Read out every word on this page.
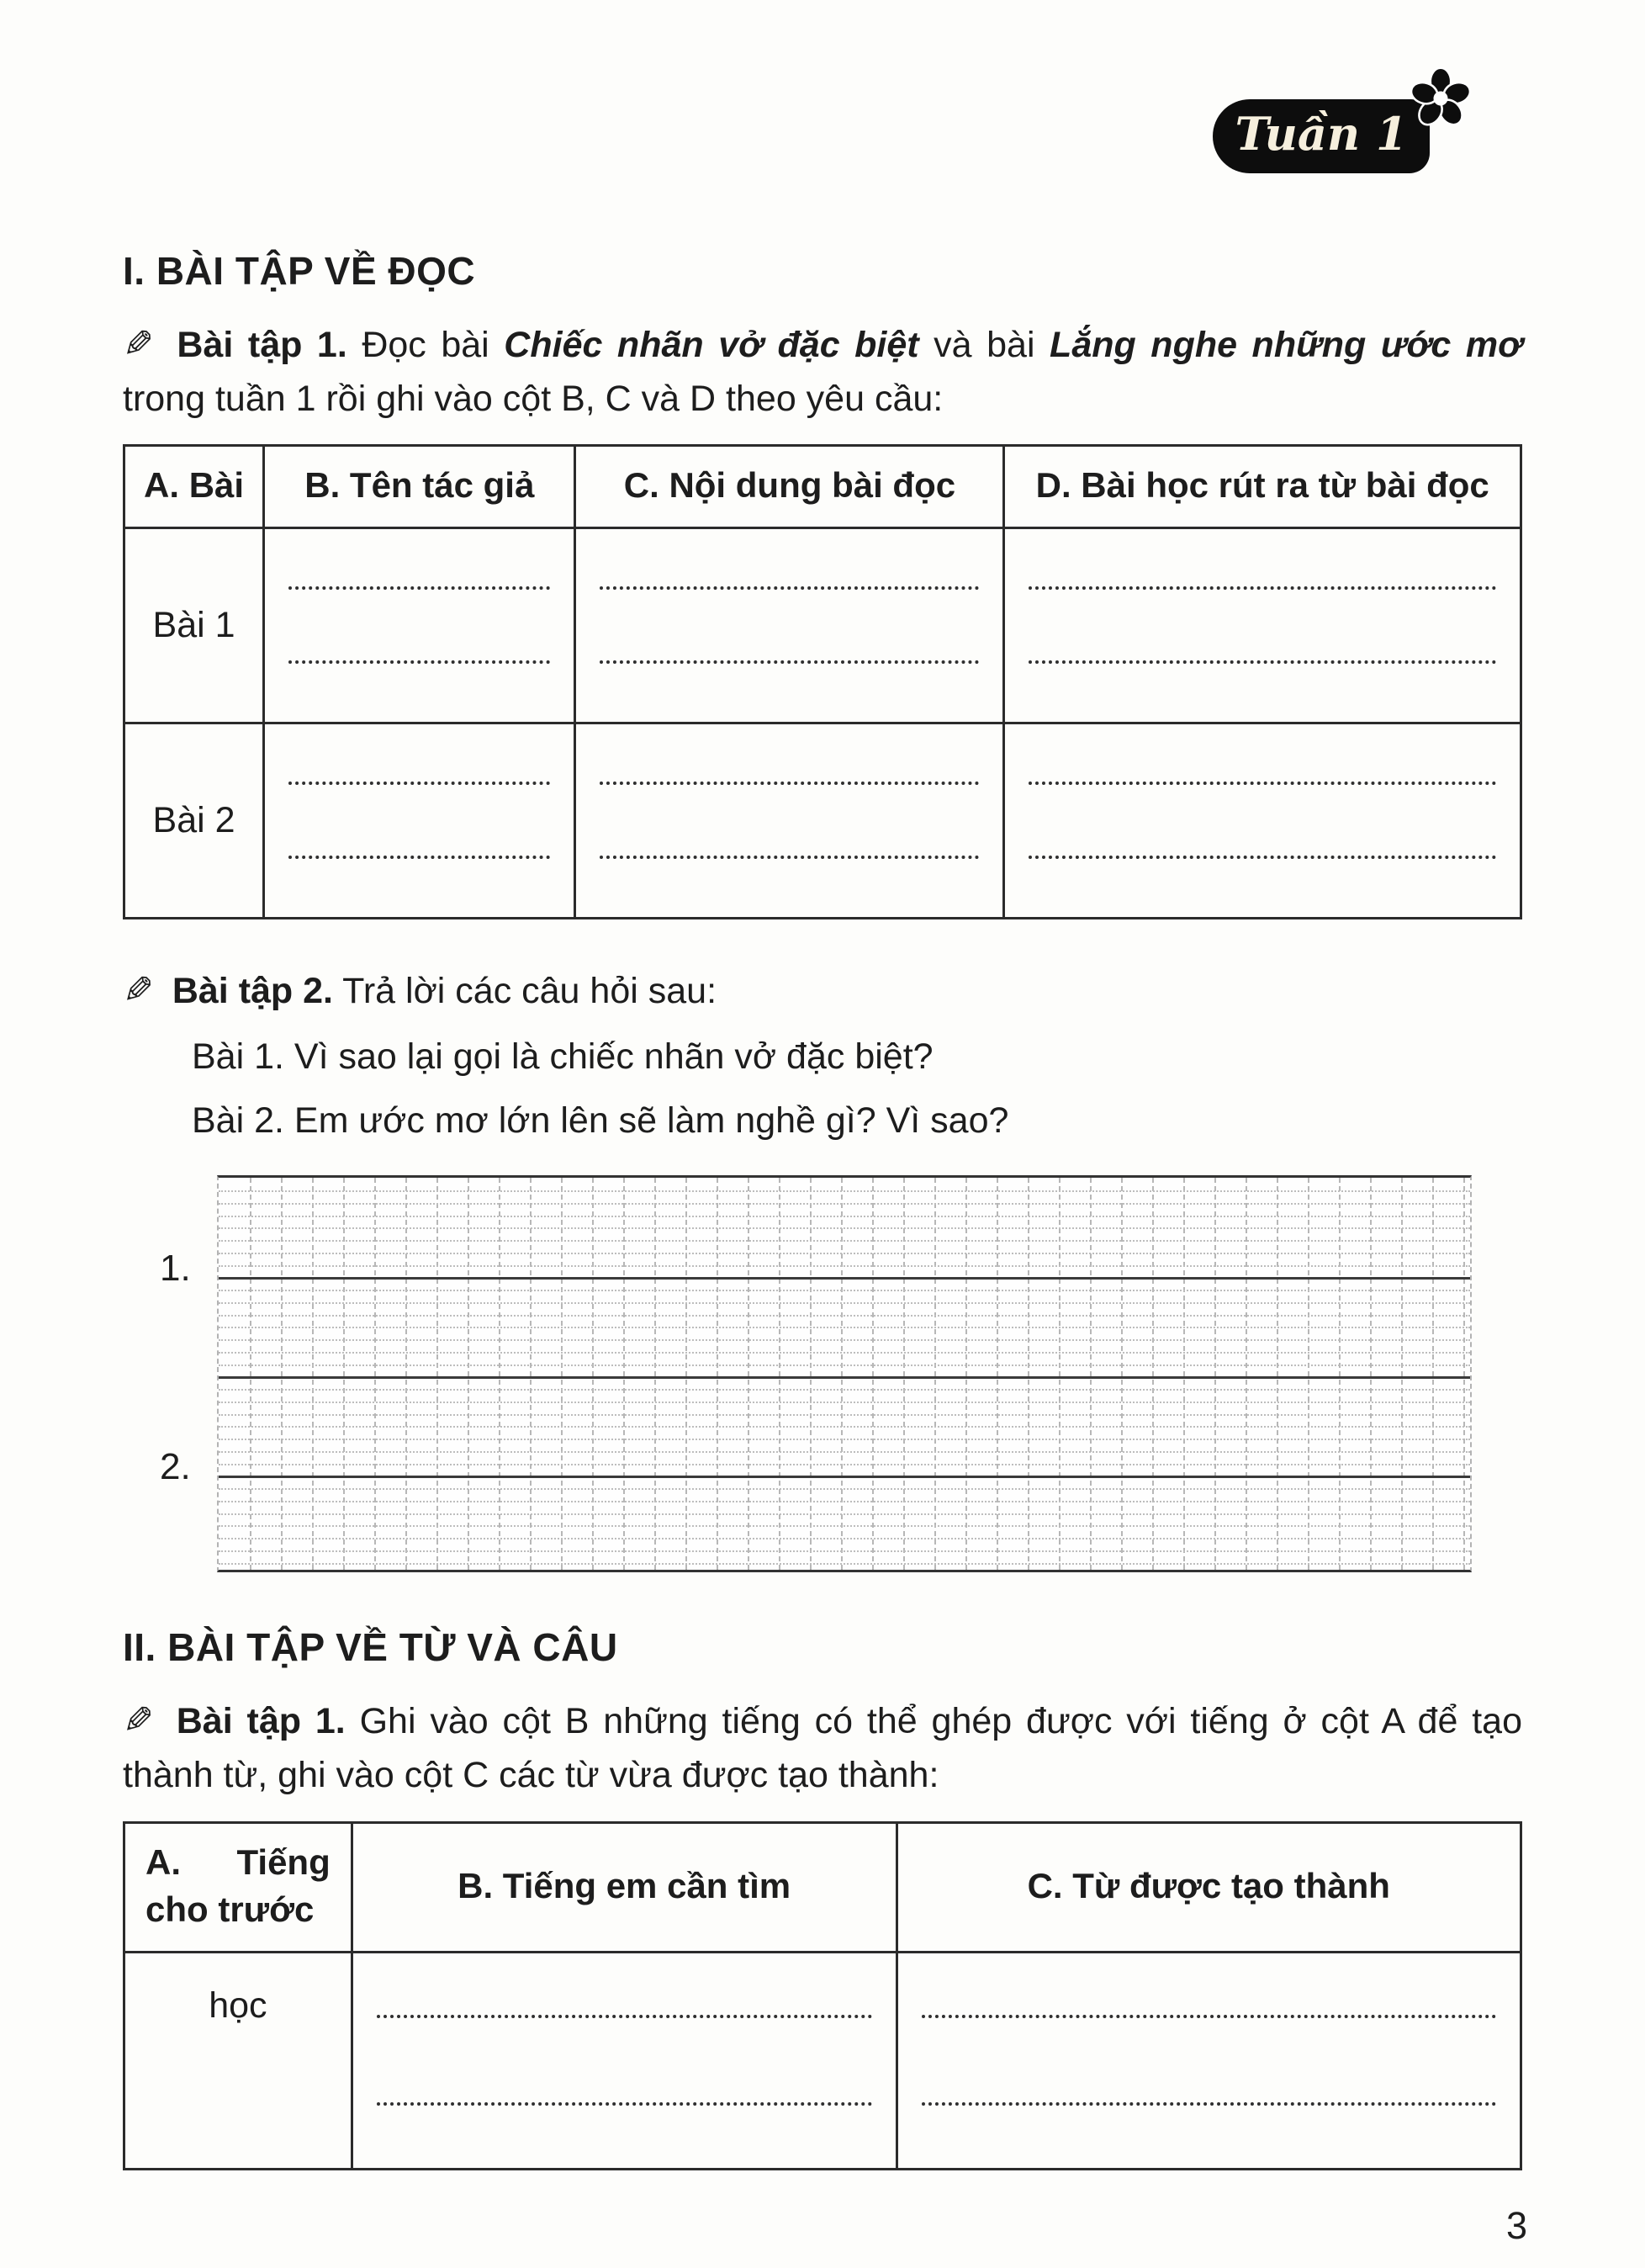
Tuần 1
I. BÀI TẬP VỀ ĐỌC

✎ Bài tập 1. Đọc bài Chiếc nhãn vở đặc biệt và bài Lắng nghe những ước mơ trong tuần 1 rồi ghi vào cột B, C và D theo yêu cầu:

A. Bài	B. Tên tác giả	C. Nội dung bài đọc	D. Bài học rút ra từ bài đọc
Bài 1	

Bài 2	

✎ Bài tập 2. Trả lời các câu hỏi sau:

Bài 1. Vì sao lại gọi là chiếc nhãn vở đặc biệt?

Bài 2. Em ước mơ lớn lên sẽ làm nghề gì? Vì sao?

1.
2.
II. BÀI TẬP VỀ TỪ VÀ CÂU

✎ Bài tập 1. Ghi vào cột B những tiếng có thể ghép được với tiếng ở cột A để tạo thành từ, ghi vào cột C các từ vừa được tạo thành:

A. Tiếng cho trước	B. Tiếng em cần tìm	C. Từ được tạo thành
học	

3
